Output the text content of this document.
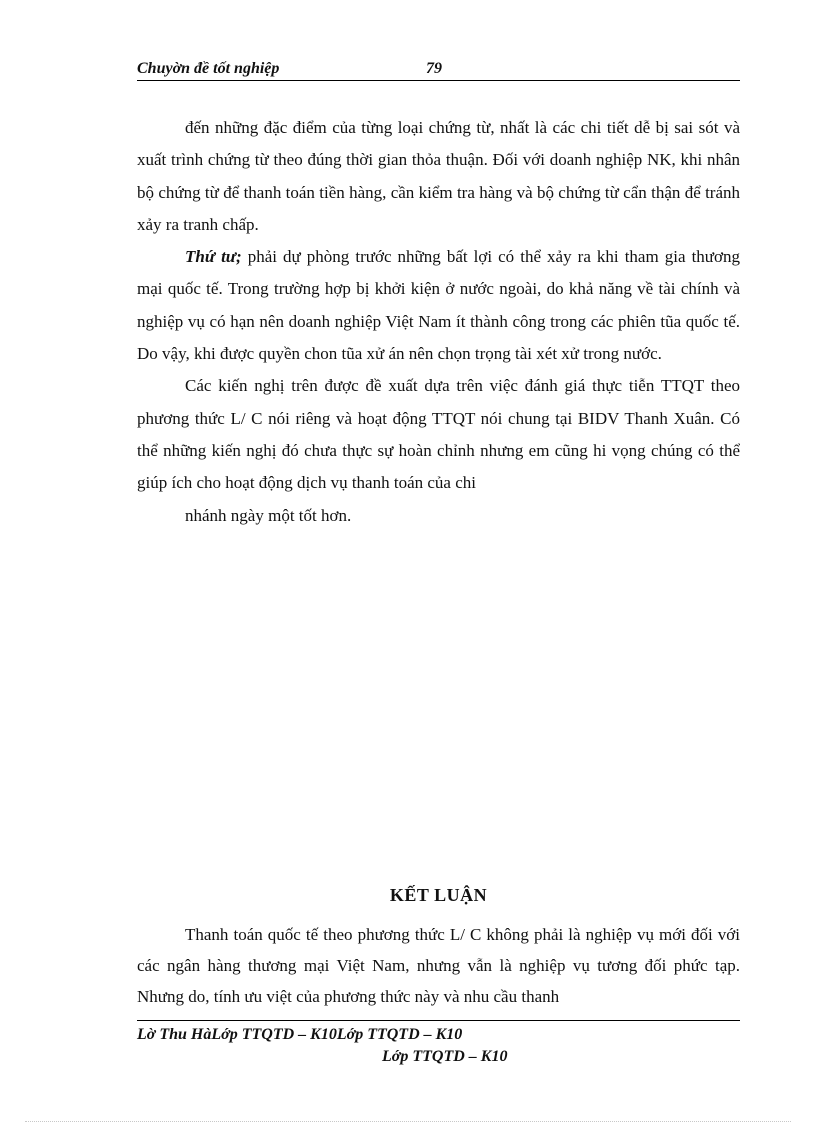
Chuyờn đề tốt nghiệp	79

đến những đặc điểm của từng loại chứng từ, nhất là các chi tiết dễ bị sai sót và xuất trình chứng từ theo đúng thời gian thỏa thuận. Đối với doanh nghiệp NK, khi nhân bộ chứng từ để thanh toán tiền hàng, cần kiểm tra hàng và bộ chứng từ cẩn thận để tránh xảy ra tranh chấp.

Thứ tư; phải dự phòng trước những bất lợi có thể xảy ra khi tham gia thương mại quốc tế. Trong trường hợp bị khởi kiện ở nước ngoài, do khả năng về tài chính và nghiệp vụ có hạn nên doanh nghiệp Việt Nam ít thành công trong các phiên tũa quốc tế. Do vậy, khi được quyền chon tũa xử án nên chọn trọng tài xét xử trong nước.

Các kiến nghị trên được đề xuất dựa trên việc đánh giá thực tiễn TTQT theo phương thức L/ C nói riêng và hoạt động TTQT nói chung tại BIDV Thanh Xuân. Có thể những kiến nghị đó chưa thực sự hoàn chỉnh nhưng em cũng hi vọng chúng có thể giúp ích cho hoạt động dịch vụ thanh toán của chi

nhánh ngày một tốt hơn.

KẾT LUẬN

Thanh toán quốc tế theo phương thức L/ C không phải là nghiệp vụ mới đối với các ngân hàng thương mại Việt Nam, nhưng vẫn là nghiệp vụ tương đối phức tạp. Nhưng do, tính ưu việt của phương thức này và nhu cầu thanh

Lờ Thu HàLớp TTQTD – K10Lớp TTQTD – K10
Lớp TTQTD – K10
